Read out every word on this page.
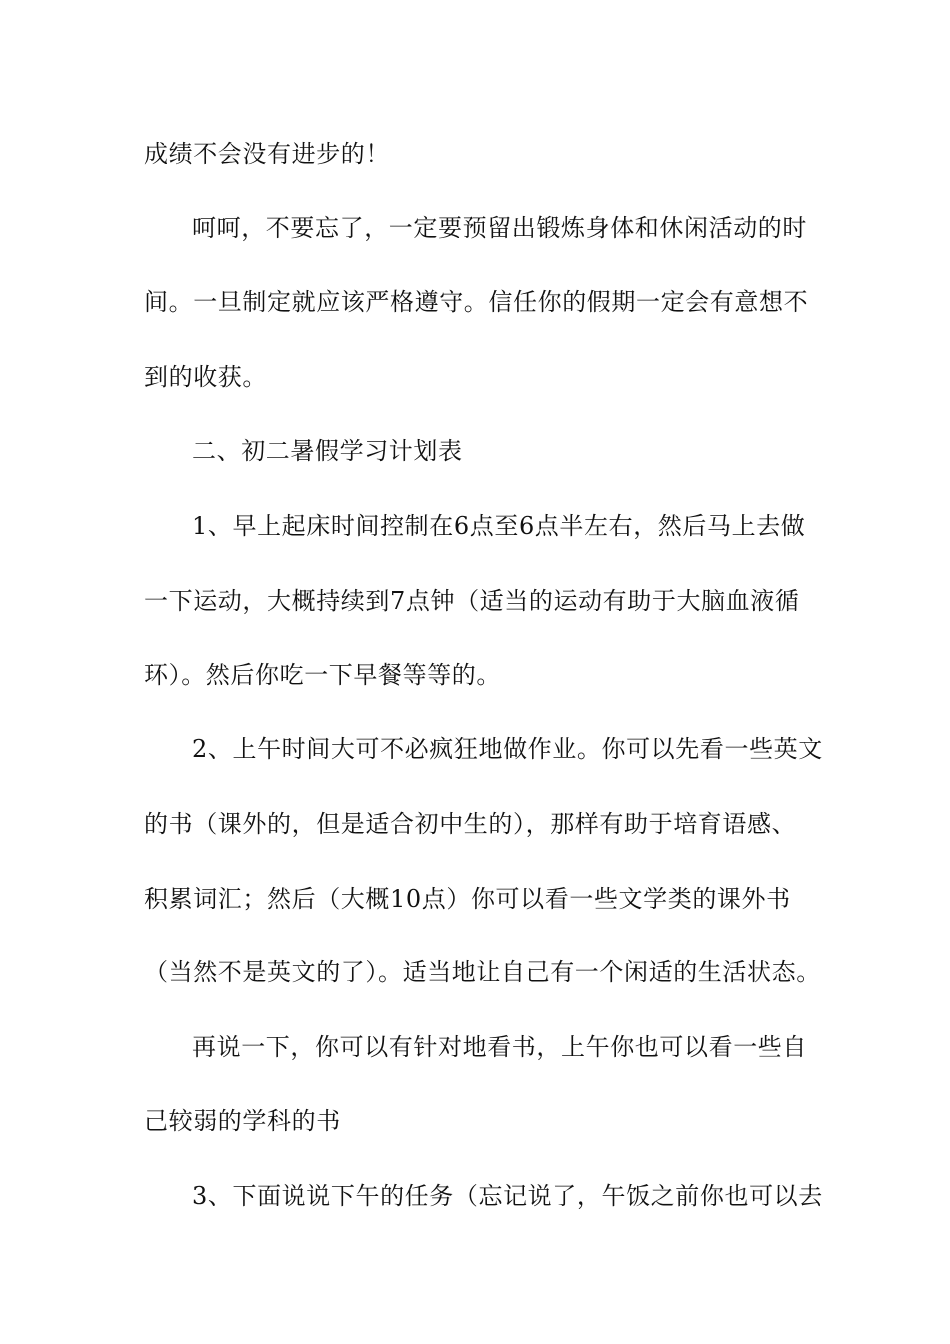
成绩不会没有进步的！
呵呵，不要忘了，一定要预留出锻炼身体和休闲活动的时
间。一旦制定就应该严格遵守。信任你的假期一定会有意想不
到的收获。
二、初二暑假学习计划表
1、早上起床时间控制在6点至6点半左右，然后马上去做
一下运动，大概持续到7点钟（适当的运动有助于大脑血液循
环）。然后你吃一下早餐等等的。
2、上午时间大可不必疯狂地做作业。你可以先看一些英文
的书（课外的，但是适合初中生的），那样有助于培育语感、
积累词汇；然后（大概10点）你可以看一些文学类的课外书
（当然不是英文的了）。适当地让自己有一个闲适的生活状态。
再说一下，你可以有针对地看书，上午你也可以看一些自
己较弱的学科的书
3、下面说说下午的任务（忘记说了，午饭之前你也可以去
